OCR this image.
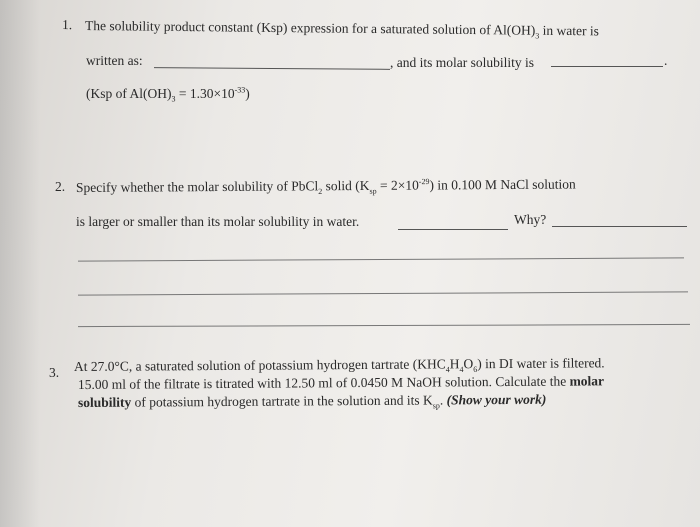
1. The solubility product constant (Ksp) expression for a saturated solution of $Al(OH)_3$ in water is
written as:	, and its molar solubility is	.
(Ksp of $Al(OH)_3 = 1.30\times 10^{-33}$)
2. Specify whether the molar solubility of PbCl$_2$ solid $(K_{sp} = 2\times 10^{-29})$ in 0.100 M NaCl solution
is larger or smaller than its molar solubility in water.	Why?
3. At 27.0°C, a saturated solution of potassium hydrogen tartrate $(KHC_4H_4O_6)$ in DI water is filtered.
15.00 ml of the filtrate is titrated with 12.50 ml of 0.0450 M NaOH solution. Calculate the molar
solubility of potassium hydrogen tartrate in the solution and its $K_{sp}$. (Show your work)
